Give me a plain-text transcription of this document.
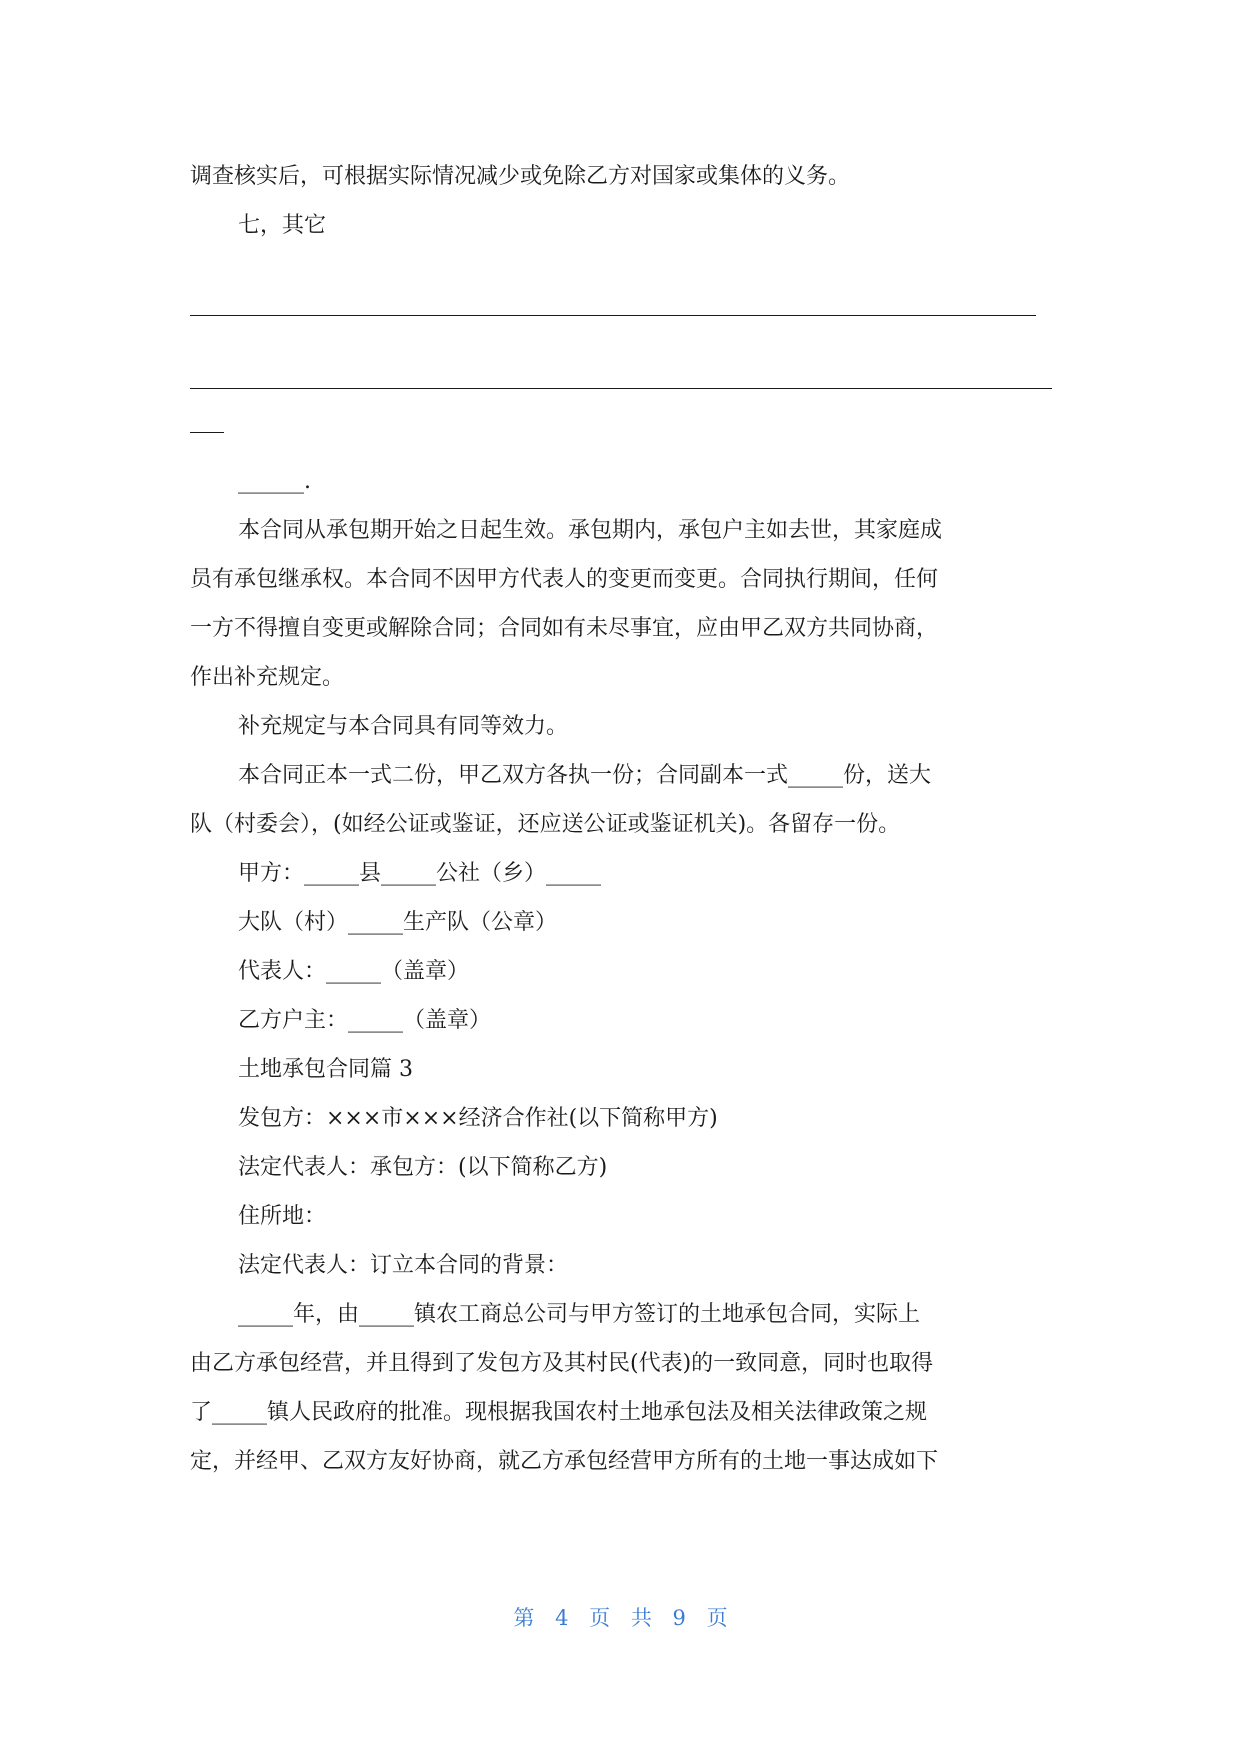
调查核实后，可根据实际情况减少或免除乙方对国家或集体的义务。
七，其它
______.
本合同从承包期开始之日起生效。承包期内，承包户主如去世，其家庭成
员有承包继承权。本合同不因甲方代表人的变更而变更。合同执行期间，任何
一方不得擅自变更或解除合同；合同如有未尽事宜，应由甲乙双方共同协商，
作出补充规定。
补充规定与本合同具有同等效力。
本合同正本一式二份，甲乙双方各执一份；合同副本一式_____份，送大
队（村委会），(如经公证或鉴证，还应送公证或鉴证机关)。各留存一份。
甲方：_____县_____公社（乡）_____
大队（村）_____生产队（公章）
代表人：_____（盖章）
乙方户主：_____（盖章）
土地承包合同篇 3
发包方：×××市×××经济合作社(以下简称甲方)
法定代表人：承包方：(以下简称乙方)
住所地：
法定代表人：订立本合同的背景：
_____年，由_____镇农工商总公司与甲方签订的土地承包合同，实际上
由乙方承包经营，并且得到了发包方及其村民(代表)的一致同意，同时也取得
了_____镇人民政府的批准。现根据我国农村土地承包法及相关法律政策之规
定，并经甲、乙双方友好协商，就乙方承包经营甲方所有的土地一事达成如下
第 4 页 共 9 页
